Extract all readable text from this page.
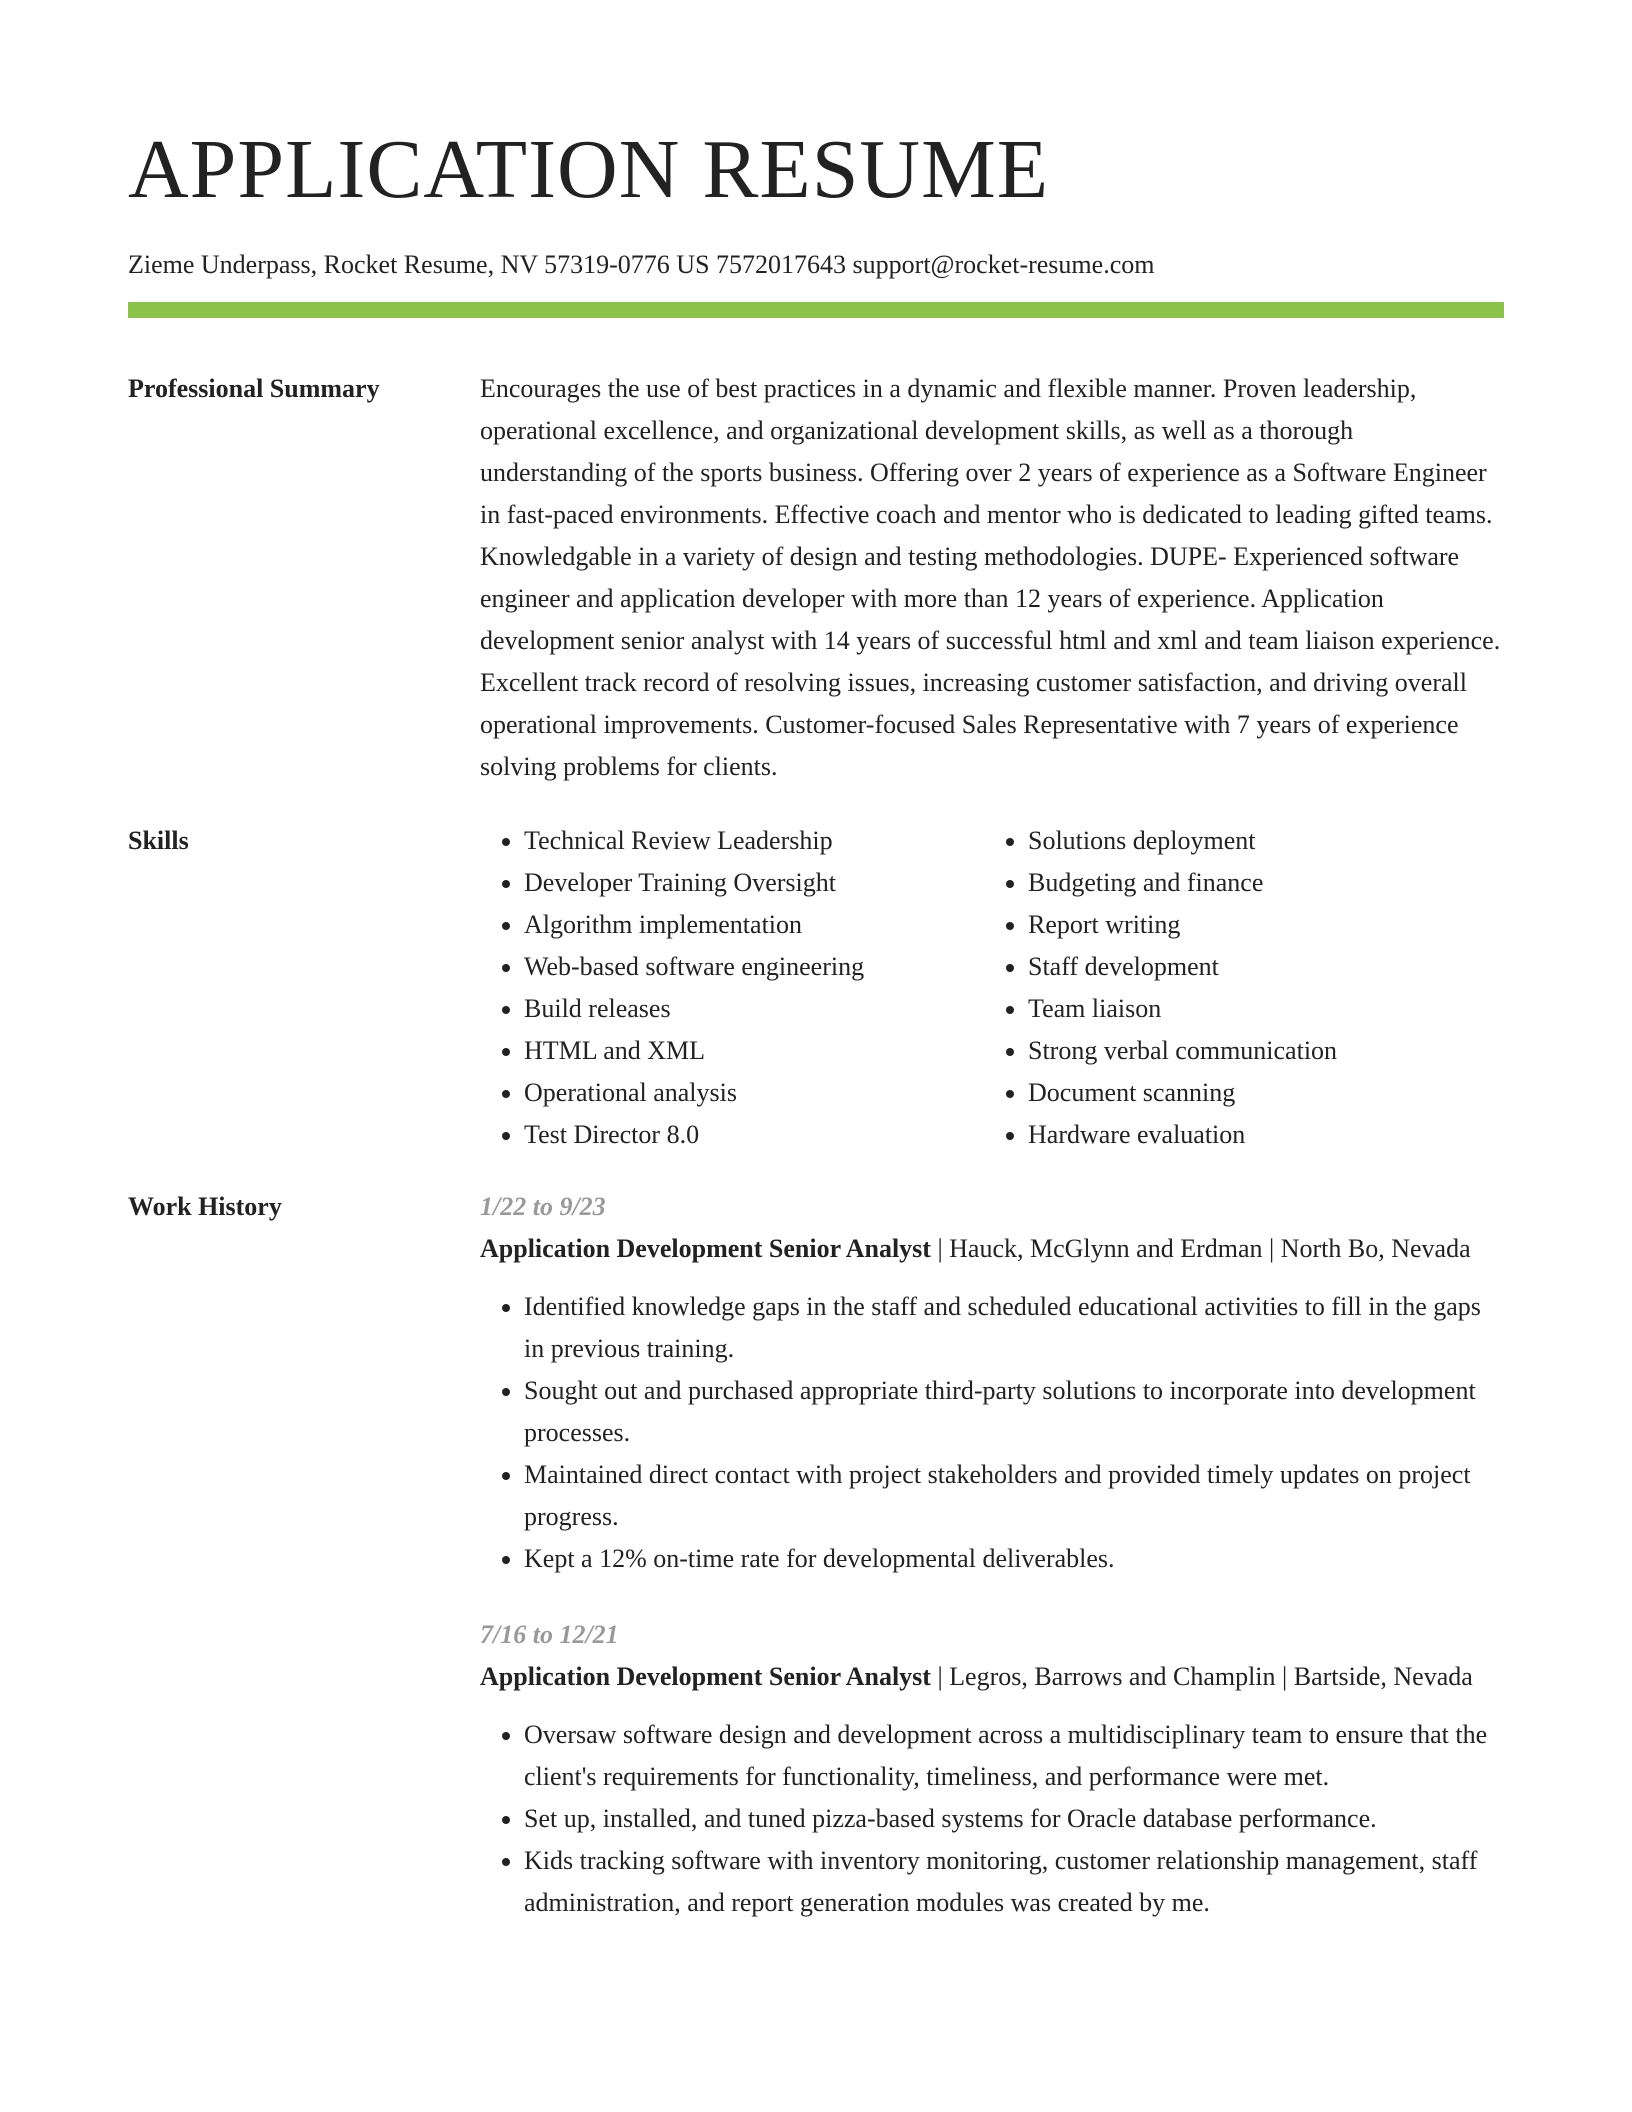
APPLICATION RESUME
Zieme Underpass, Rocket Resume, NV 57319-0776 US 7572017643 support@rocket-resume.com
Professional Summary	Encourages the use of best practices in a dynamic and flexible manner. Proven leadership, operational excellence, and organizational development skills, as well as a thorough understanding of the sports business. Offering over 2 years of experience as a Software Engineer in fast-paced environments. Effective coach and mentor who is dedicated to leading gifted teams. Knowledgable in a variety of design and testing methodologies. DUPE- Experienced software engineer and application developer with more than 12 years of experience. Application development senior analyst with 14 years of successful html and xml and team liaison experience. Excellent track record of resolving issues, increasing customer satisfaction, and driving overall operational improvements. Customer-focused Sales Representative with 7 years of experience solving problems for clients.

Skills
•	Technical Review Leadership
• Developer Training Oversight
• Algorithm implementation
• Web-based software engineering
• Build releases
• HTML and XML
• Operational analysis
• Test Director 8.0
• Solutions deployment
• Budgeting and finance
• Report writing
• Staff development
• Team liaison
• Strong verbal communication
• Document scanning
• Hardware evaluation
Work History	1/22 to 9/23
Application Development Senior Analyst | Hauck, McGlynn and Erdman | North Bo, Nevada
• Identified knowledge gaps in the staff and scheduled educational activities to fill in the gaps in previous training.
• Sought out and purchased appropriate third-party solutions to incorporate into development processes.
• Maintained direct contact with project stakeholders and provided timely updates on project progress.
• Kept a 12% on-time rate for developmental deliverables.
7/16 to 12/21
Application Development Senior Analyst | Legros, Barrows and Champlin | Bartside, Nevada
• Oversaw software design and development across a multidisciplinary team to ensure that the client's requirements for functionality, timeliness, and performance were met.
• Set up, installed, and tuned pizza-based systems for Oracle database performance.
• Kids tracking software with inventory monitoring, customer relationship management, staff administration, and report generation modules was created by me.
